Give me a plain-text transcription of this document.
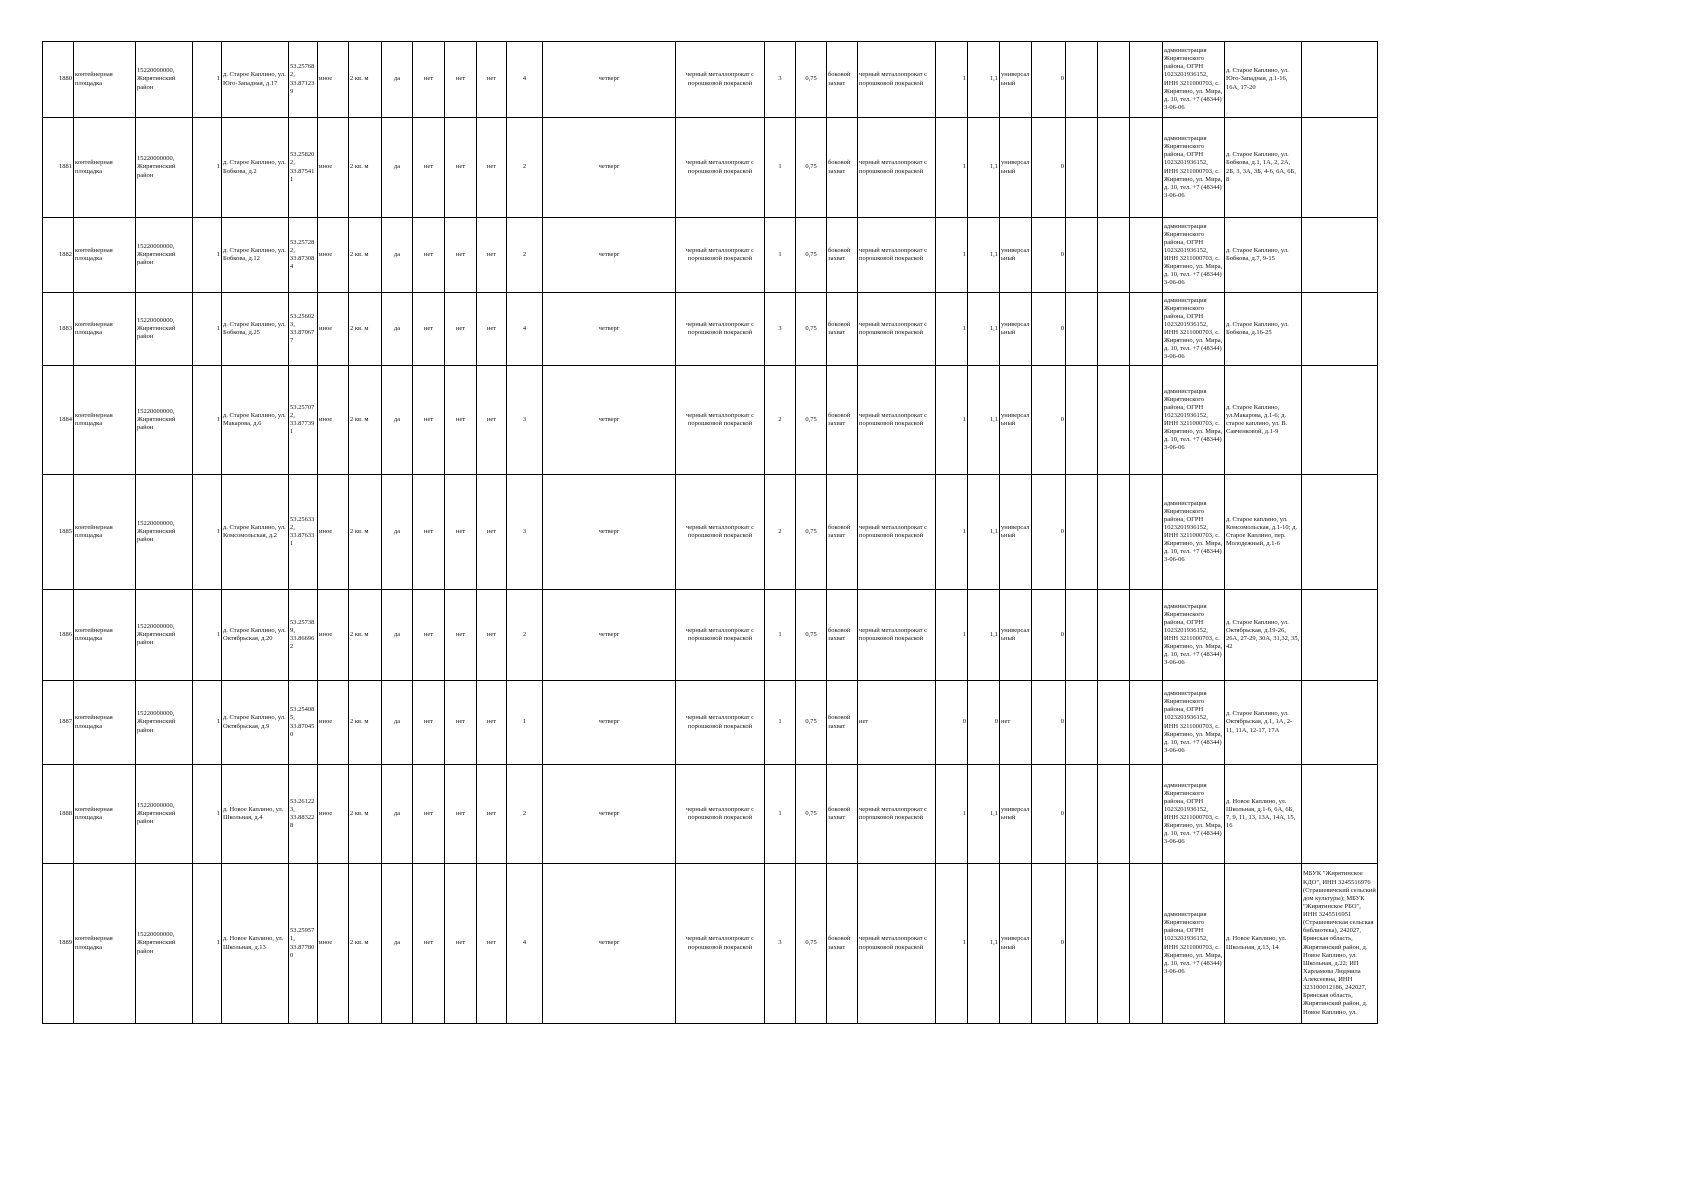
1880	контейнерная площадка	15220000000, Жирятинский район	1	д. Старое Каплино, ул. Юго-Западная, д.17	53.25768 2, 33.87123 9	иное	2 кв. м	да	нет	нет	нет	4	четверг	черный металлопрокат с порошковой покраской	3	0,75	боковой захват	черный металлопрокат с порошковой покраской	1	1,1	универсальный	0				администрация Жирятинского района, ОГРН 1023201936152, ИНН 3211000703, с. Жирятино, ул. Мира, д. 10, тел. +7 (48344) 3-06-06	д. Старое Каплино, ул. Юго-Западная, д.1-16, 16А, 17-20	
1881	контейнерная площадка	15220000000, Жирятинский район	1	д. Старое Каплино, ул. Бобкова, д.2	53.25820 2, 33.87541 1	иное	2 кв. м	да	нет	нет	нет	2	четверг	черный металлопрокат с порошковой покраской	1	0,75	боковой захват	черный металлопрокат с порошковой покраской	1	1,1	универсальный	0				администрация Жирятинского района, ОГРН 1023201936152, ИНН 3211000703, с. Жирятино, ул. Мира, д. 10, тел. +7 (48344) 3-06-06	д. Старое Каплино, ул. Бобкова, д.1, 1А, 2, 2А, 2Б, 3, 3А, 3Б, 4-6, 6А, 6Б, 8	
1882	контейнерная площадка	15220000000, Жирятинский район	1	д. Старое Каплино, ул. Бобкова, д.12	53.25728 2, 33.87308 4	иное	2 кв. м	да	нет	нет	нет	2	четверг	черный металлопрокат с порошковой покраской	1	0,75	боковой захват	черный металлопрокат с порошковой покраской	1	1,1	универсальный	0				администрация Жирятинского района, ОГРН 1023201936152, ИНН 3211000703, с. Жирятино, ул. Мира, д. 10, тел. +7 (48344) 3-06-06	д. Старое Каплино, ул. Бобкова, д.7, 9-15	
1883	контейнерная площадка	15220000000, Жирятинский район	1	д. Старое Каплино, ул. Бобкова, д.25	53.25602 3, 33.87067 7	иное	2 кв. м	да	нет	нет	нет	4	четверг	черный металлопрокат с порошковой покраской	3	0,75	боковой захват	черный металлопрокат с порошковой покраской	1	1,1	универсальный	0				администрация Жирятинского района, ОГРН 1023201936152, ИНН 3211000703, с. Жирятино, ул. Мира, д. 10, тел. +7 (48344) 3-06-06	д. Старое Каплино, ул. Бобкова, д.16-25	
1884	контейнерная площадка	15220000000, Жирятинский район	1	д. Старое Каплино, ул. Макарова, д.6	53.25707 2, 33.87739 1	иное	2 кв. м	да	нет	нет	нет	3	четверг	черный металлопрокат с порошковой покраской	2	0,75	боковой захват	черный металлопрокат с порошковой покраской	1	1,1	универсальный	0				администрация Жирятинского района, ОГРН 1023201936152, ИНН 3211000703, с. Жирятино, ул. Мира, д. 10, тел. +7 (48344) 3-06-06	д. Старое Каплино, ул.Макарова, д.1-6; д. старое каплино, ул. В. Савченковой, д.1-9	
1885	контейнерная площадка	15220000000, Жирятинский район	1	д. Старое Каплино, ул. Комсомольская, д.2	53.25633 2, 33.87633 1	иное	2 кв. м	да	нет	нет	нет	3	четверг	черный металлопрокат с порошковой покраской	2	0,75	боковой захват	черный металлопрокат с порошковой покраской	1	1,1	универсальный	0				администрация Жирятинского района, ОГРН 1023201936152, ИНН 3211000703, с. Жирятино, ул. Мира, д. 10, тел. +7 (48344) 3-06-06	д. Старое каплино, ул. Комсомольская, д.1-10; д. Старое Каплино, пер. Молодежный, д.1-6	
1886	контейнерная площадка	15220000000, Жирятинский район	1	д. Старое Каплино, ул. Октябрьская, д.20	53.25738 9, 33.86696 2	иное	2 кв. м	да	нет	нет	нет	2	четверг	черный металлопрокат с порошковой покраской	1	0,75	боковой захват	черный металлопрокат с порошковой покраской	1	1,1	универсальный	0				администрация Жирятинского района, ОГРН 1023201936152, ИНН 3211000703, с. Жирятино, ул. Мира, д. 10, тел. +7 (48344) 3-06-06	д. Старое Каплино, ул. Октябрьская, д.19-26, 26А, 27-29, 30А, 31,32, 35, 42	
1887	контейнерная площадка	15220000000, Жирятинский район	1	д. Старое Каплино, ул. Октябрьская, д.9	53.25408 5, 33.87045 0	иное	2 кв. м	да	нет	нет	нет	1	четверг	черный металлопрокат с порошковой покраской	1	0,75	боковой захват	нет	0	0	нет	0				администрация Жирятинского района, ОГРН 1023201936152, ИНН 3211000703, с. Жирятино, ул. Мира, д. 10, тел. +7 (48344) 3-06-06	д. Старое Каплино, ул. Октябрьская, д.1, 1А, 2-11, 11А, 12-17, 17А	
1888	контейнерная площадка	15220000000, Жирятинский район	1	д. Новое Каплино, ул. Школьная, д.4	53.26122 3, 33.88322 8	иное	2 кв. м	да	нет	нет	нет	2	четверг	черный металлопрокат с порошковой покраской	1	0,75	боковой захват	черный металлопрокат с порошковой покраской	1	1,1	универсальный	0				администрация Жирятинского района, ОГРН 1023201936152, ИНН 3211000703, с. Жирятино, ул. Мира, д. 10, тел. +7 (48344) 3-06-06	д. Новое Каплино, ул. Школьная, д.1-6, 6А, 6Б, 7, 9, 11, 13, 13А, 14А, 15, 16	
1889	контейнерная площадка	15220000000, Жирятинский район	1	д. Новое Каплино, ул. Школьная, д.13	53.25957 1, 33.87780 0	иное	2 кв. м	да	нет	нет	нет	4	четверг	черный металлопрокат с порошковой покраской	3	0,75	боковой захват	черный металлопрокат с порошковой покраской	1	1,1	универсальный	0				администрация Жирятинского района, ОГРН 1023201936152, ИНН 3211000703, с. Жирятино, ул. Мира, д. 10, тел. +7 (48344) 3-06-06	д. Новое Каплино, ул. Школьная, д.13, 14	МБУК "Жирятинское КДО", ИНН 3245516976 (Страшевичский сельский дом культуры); МБУК "Жирятинское РБО", ИНН 3245516951 (Страшевичская сельская библиотека), 242027, Брянская область, Жирятинский район, д. Новое Каплино, ул. Школьная, д.22; ИП Харламова Людмила Алексеевна, ИНН 323100012186, 242027, Брянская область, Жирятинский район, д. Новое Каплино, ул.
